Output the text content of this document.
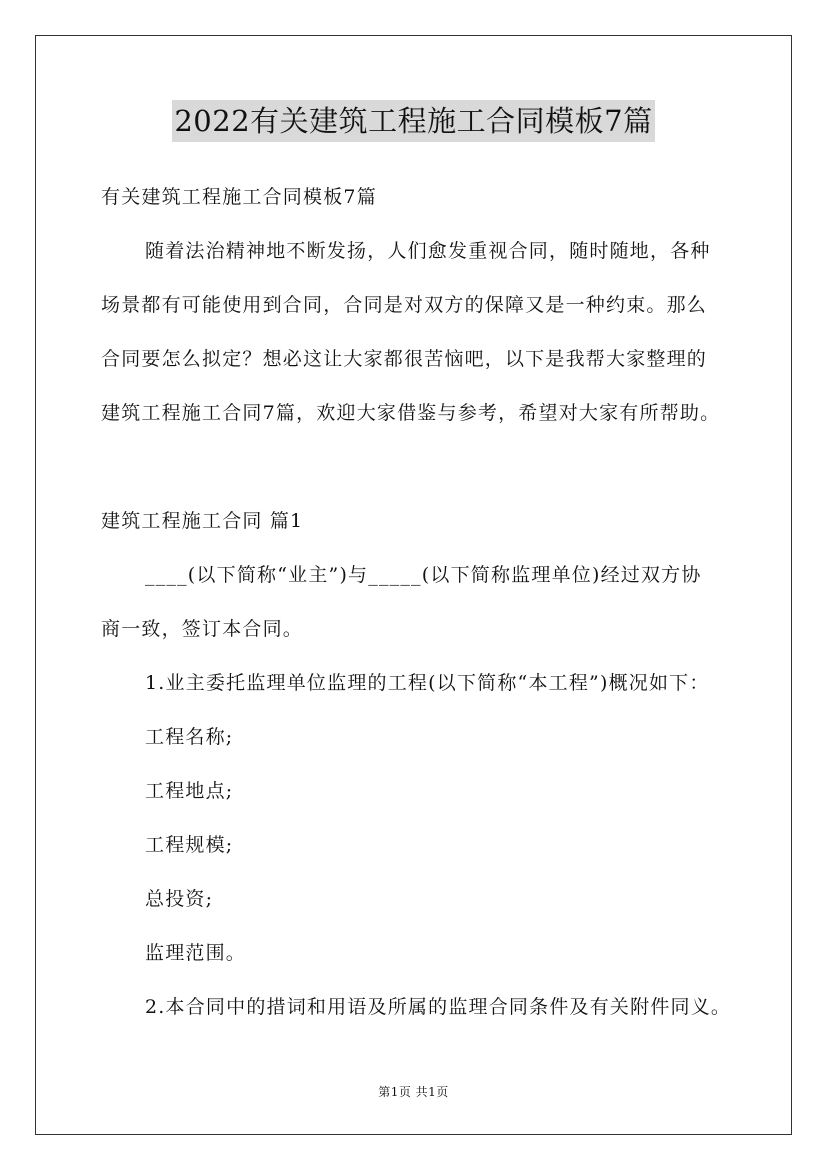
2022有关建筑工程施工合同模板7篇
有关建筑工程施工合同模板7篇
随着法治精神地不断发扬，人们愈发重视合同，随时随地，各种
场景都有可能使用到合同，合同是对双方的保障又是一种约束。那么
合同要怎么拟定？想必这让大家都很苦恼吧，以下是我帮大家整理的
建筑工程施工合同7篇，欢迎大家借鉴与参考，希望对大家有所帮助。
建筑工程施工合同 篇1
____(以下简称“业主”)与_____(以下简称监理单位)经过双方协
商一致，签订本合同。
1.业主委托监理单位监理的工程(以下简称“本工程”)概况如下：
工程名称;
工程地点;
工程规模;
总投资;
监理范围。
2.本合同中的措词和用语及所属的监理合同条件及有关附件同义。
第1页 共1页
